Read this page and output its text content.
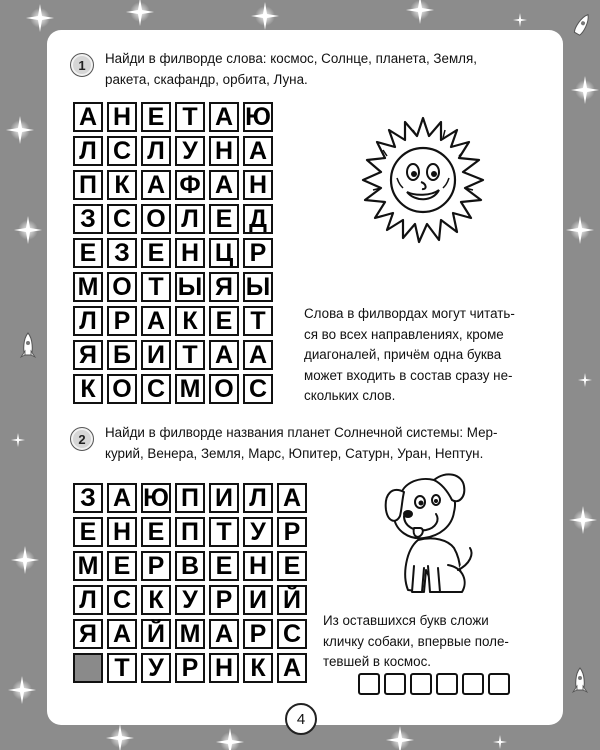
1	Найди в филворде слова: космос, Солнце, планета, Земля,
ракета, скафандр, орбита, Луна.
А Н Е Т А Ю
Л С Л У Н А
П К А Ф А Н
З С О Л Е Д
Е З Е Н Ц Р
М О Т Ы Я Ы
Л Р А К Е Т
Я Б И Т А А
К О С М О С
Слова в филвордах могут читать-
ся во всех направлениях, кроме
диагоналей, причём одна буква
может входить в состав сразу не-
скольких слов.
2	Найди в филворде названия планет Солнечной системы: Мер-
курий, Венера, Земля, Марс, Юпитер, Сатурн, Уран, Нептун.
З А Ю П И Л А
Е Н Е П Т У Р
М Е Р В Е Н Е
Л С К У Р И Й
Я А Й М А Р С
Т У Р Н К А
Из оставшихся букв сложи
кличку собаки, впервые поле-
тевшей в космос.
4
